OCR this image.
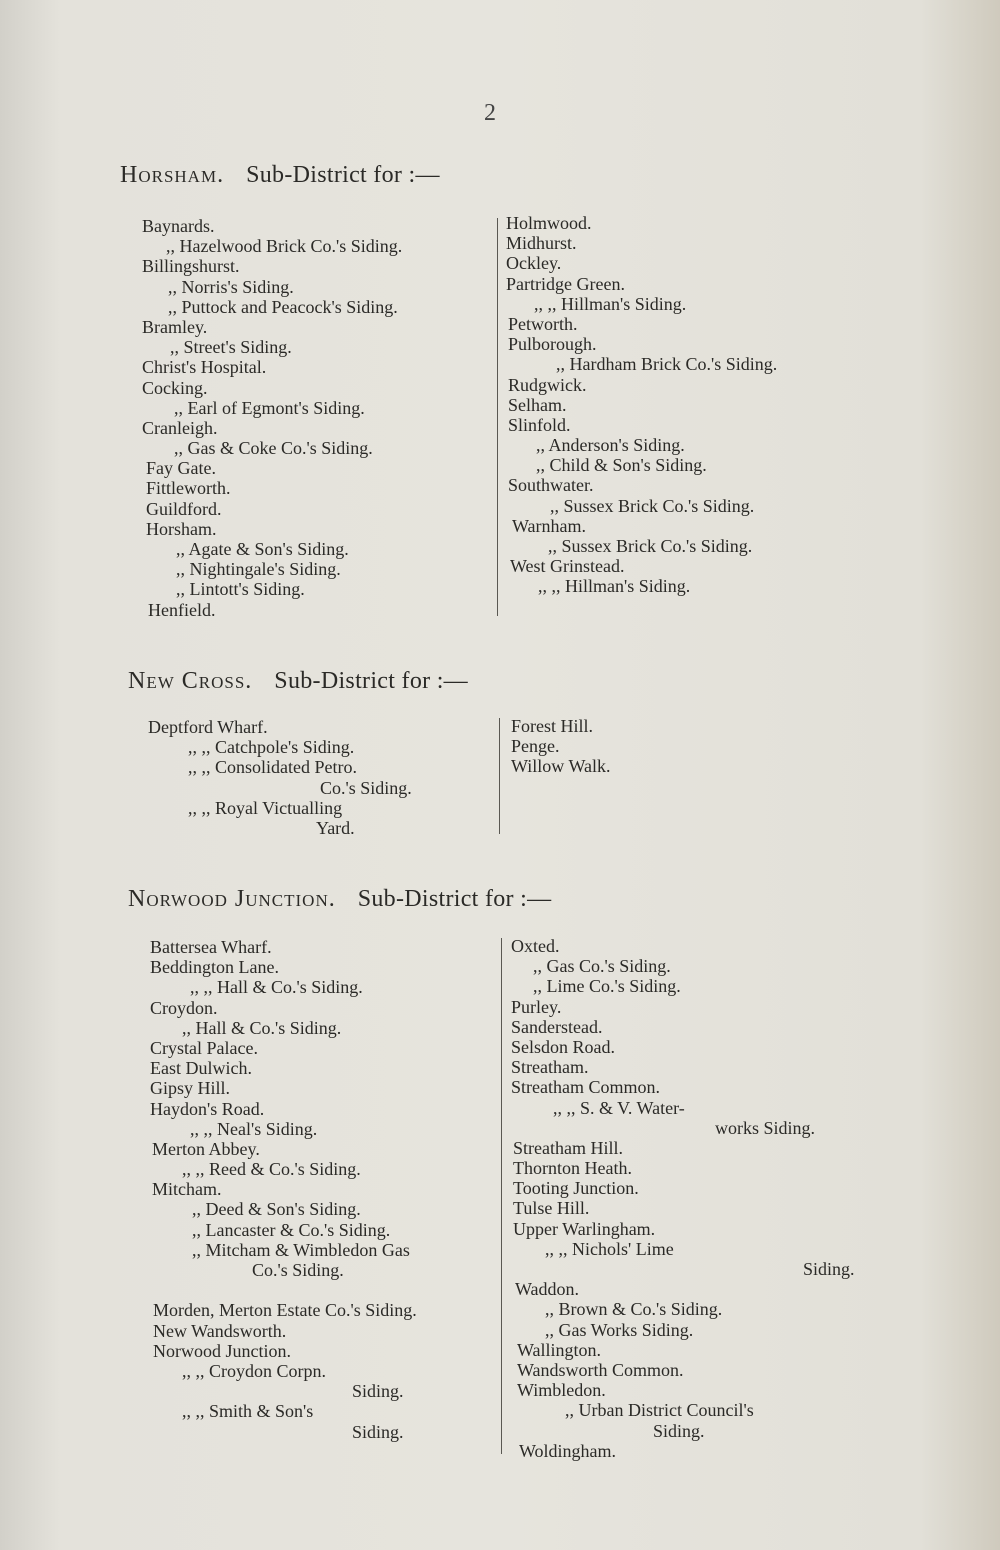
2
Horsham. Sub-District for :—
Baynards.
,, Hazelwood Brick Co.'s Siding.
Billingshurst.
,, Norris's Siding.
,, Puttock and Peacock's Siding.
Bramley.
,, Street's Siding.
Christ's Hospital.
Cocking.
,, Earl of Egmont's Siding.
Cranleigh.
,, Gas & Coke Co.'s Siding.
Fay Gate.
Fittleworth.
Guildford.
Horsham.
,, Agate & Son's Siding.
,, Nightingale's Siding.
,, Lintott's Siding.
Henfield.
Holmwood.
Midhurst.
Ockley.
Partridge Green.
,, ,, Hillman's Siding.
Petworth.
Pulborough.
,, Hardham Brick Co.'s Siding.
Rudgwick.
Selham.
Slinfold.
,, Anderson's Siding.
,, Child & Son's Siding.
Southwater.
,, Sussex Brick Co.'s Siding.
Warnham.
,, Sussex Brick Co.'s Siding.
West Grinstead.
,, ,, Hillman's Siding.
New Cross. Sub-District for :—
Deptford Wharf.
,, ,, Catchpole's Siding.
,, ,, Consolidated Petro.
Co.'s Siding.
,, ,, Royal Victualling
Yard.
Forest Hill.
Penge.
Willow Walk.
Norwood Junction. Sub-District for :—
Battersea Wharf.
Beddington Lane.
,, ,, Hall & Co.'s Siding.
Croydon.
,, Hall & Co.'s Siding.
Crystal Palace.
East Dulwich.
Gipsy Hill.
Haydon's Road.
,, ,, Neal's Siding.
Merton Abbey.
,, ,, Reed & Co.'s Siding.
Mitcham.
,, Deed & Son's Siding.
,, Lancaster & Co.'s Siding.
,, Mitcham & Wimbledon Gas
Co.'s Siding.
Morden, Merton Estate Co.'s Siding.
New Wandsworth.
Norwood Junction.
,, ,, Croydon Corpn.
Siding.
,, ,, Smith & Son's
Siding.
Oxted.
,, Gas Co.'s Siding.
,, Lime Co.'s Siding.
Purley.
Sanderstead.
Selsdon Road.
Streatham.
Streatham Common.
,, ,, S. & V. Water-
works Siding.
Streatham Hill.
Thornton Heath.
Tooting Junction.
Tulse Hill.
Upper Warlingham.
,, ,, Nichols' Lime
Siding.
Waddon.
,, Brown & Co.'s Siding.
,, Gas Works Siding.
Wallington.
Wandsworth Common.
Wimbledon.
,, Urban District Council's
Siding.
Woldingham.
